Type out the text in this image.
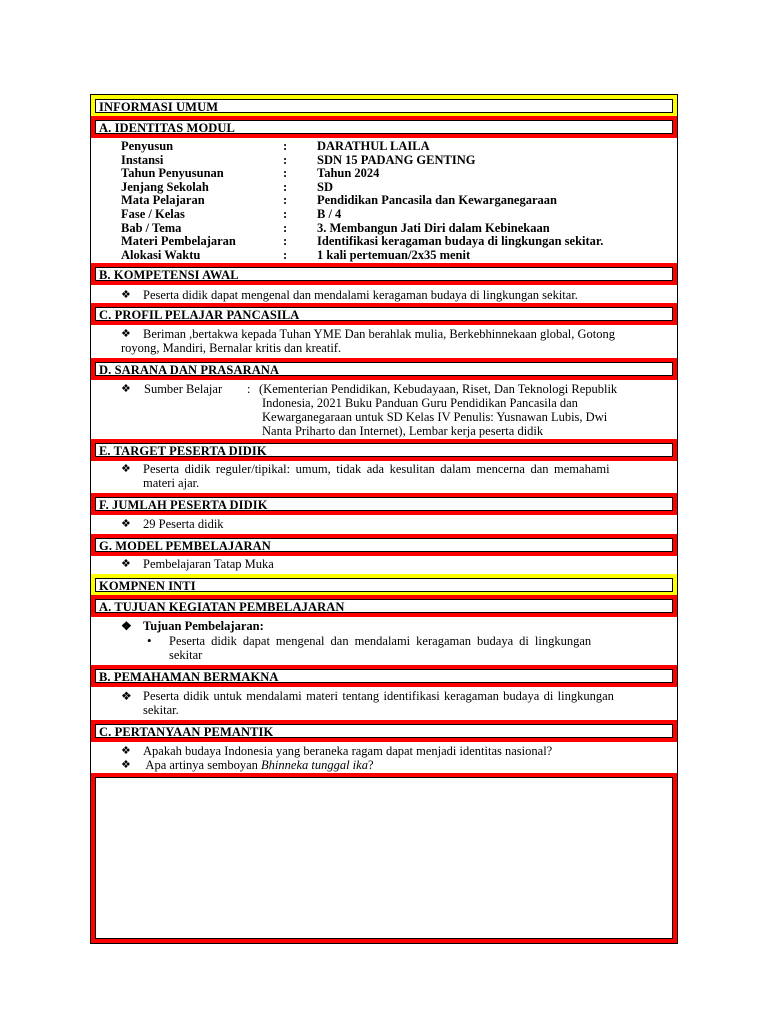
INFORMASI UMUM
A. IDENTITAS MODUL
Penyusun	: DARATHUL LAILA
Instansi	: SDN 15 PADANG GENTING
Tahun Penyusunan	: Tahun 2024
Jenjang Sekolah	: SD
Mata Pelajaran	: Pendidikan Pancasila dan Kewarganegaraan
Fase / Kelas	: B / 4
Bab / Tema	: 3. Membangun Jati Diri dalam Kebinekaan
Materi Pembelajaran	: Identifikasi keragaman budaya di lingkungan sekitar.
Alokasi Waktu	: 1 kali pertemuan/2x35 menit
B. KOMPETENSI AWAL
❖ Peserta didik dapat mengenal dan mendalami keragaman budaya di lingkungan sekitar.
C. PROFIL PELAJAR PANCASILA
❖ Beriman ,bertakwa kepada Tuhan YME Dan berahlak mulia, Berkebhinnekaan global, Gotong
royong, Mandiri, Bernalar kritis dan kreatif.
D. SARANA DAN PRASARANA
❖ Sumber Belajar : (Kementerian Pendidikan, Kebudayaan, Riset, Dan Teknologi Republik
Indonesia, 2021 Buku Panduan Guru Pendidikan Pancasila dan
Kewarganegaraan untuk SD Kelas IV Penulis: Yusnawan Lubis, Dwi
Nanta Priharto dan Internet), Lembar kerja peserta didik
E. TARGET PESERTA DIDIK
❖ Peserta didik reguler/tipikal: umum, tidak ada kesulitan dalam mencerna dan memahami
materi ajar.
F. JUMLAH PESERTA DIDIK
❖ 29 Peserta didik
G. MODEL PEMBELAJARAN
❖ Pembelajaran Tatap Muka
KOMPNEN INTI
A. TUJUAN KEGIATAN PEMBELAJARAN
❖ Tujuan Pembelajaran:
• Peserta didik dapat mengenal dan mendalami keragaman budaya di lingkungan
sekitar
B. PEMAHAMAN BERMAKNA
❖ Peserta didik untuk mendalami materi tentang identifikasi keragaman budaya di lingkungan
sekitar.
C. PERTANYAAN PEMANTIK
❖ Apakah budaya Indonesia yang beraneka ragam dapat menjadi identitas nasional?
❖ Apa artinya semboyan Bhinneka tunggal ika?
